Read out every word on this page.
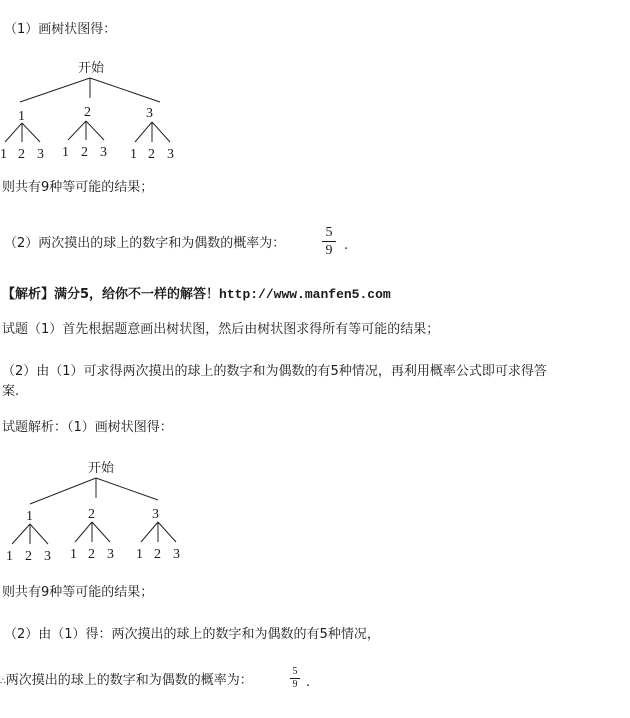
（1）画树状图得：
开始
1	2	3
1 2 3 1 2 3 1 2 3
则共有9种等可能的结果；
（2）两次摸出的球上的数字和为偶数的概率为：
5
9 .
【解析】满分5，给你不一样的解答！http://www.manfen5.com
试题（1）首先根据题意画出树状图，然后由树状图求得所有等可能的结果；
（2）由（1）可求得两次摸出的球上的数字和为偶数的有5种情况，再利用概率公式即可求得答
案.
试题解析：（1）画树状图得：
开始
1	2	3
1 2 3 1 2 3 1 2 3
则共有9种等可能的结果；
（2）由（1）得：两次摸出的球上的数字和为偶数的有5种情况，
∴两次摸出的球上的数字和为偶数的概率为：
5
9 .
